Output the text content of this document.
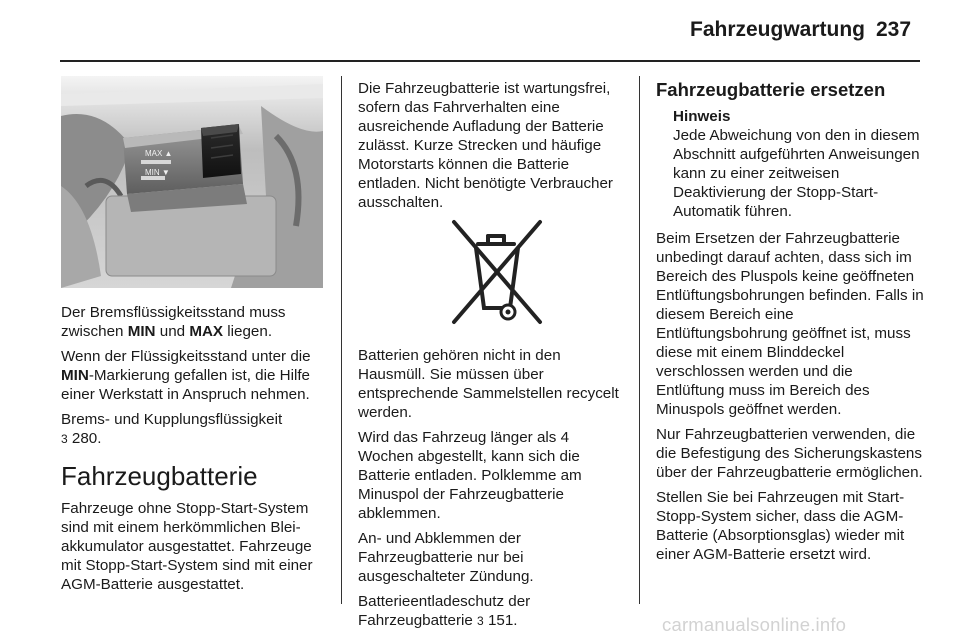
Fahrzeugwartung 237
MAX ▲
MIN ▼

Der Bremsflüssigkeitsstand muss zwischen MIN und MAX liegen.

Wenn der Flüssigkeitsstand unter die MIN-Markierung gefallen ist, die Hilfe einer Werkstatt in Anspruch nehmen.

Brems- und Kupplungsflüssigkeit
3 280.

Fahrzeugbatterie

Fahrzeuge ohne Stopp-Start-System sind mit einem herkömmlichen Blei-akkumulator ausgestattet. Fahrzeuge mit Stopp-Start-System sind mit einer AGM-Batterie ausgestattet.

Die Fahrzeugbatterie ist wartungsfrei, sofern das Fahrverhalten eine ausreichende Aufladung der Batterie zulässt. Kurze Strecken und häufige Motorstarts können die Batterie entladen. Nicht benötigte Verbraucher ausschalten.

Batterien gehören nicht in den Hausmüll. Sie müssen über entsprechende Sammelstellen recycelt werden.

Wird das Fahrzeug länger als 4 Wochen abgestellt, kann sich die Batterie entladen. Polklemme am Minuspol der Fahrzeugbatterie abklemmen.

An- und Abklemmen der Fahrzeugbatterie nur bei ausgeschalteter Zündung.

Batterieentladeschutz der Fahrzeugbatterie 3 151.

Fahrzeugbatterie ersetzen
Hinweis
Jede Abweichung von den in diesem Abschnitt aufgeführten Anweisungen kann zu einer zeitweisen Deaktivierung der Stopp-Start-Automatik führen.

Beim Ersetzen der Fahrzeugbatterie unbedingt darauf achten, dass sich im Bereich des Pluspols keine geöffneten Entlüftungsbohrungen befinden. Falls in diesem Bereich eine Entlüftungsbohrung geöffnet ist, muss diese mit einem Blinddeckel verschlossen werden und die Entlüftung muss im Bereich des Minuspols geöffnet werden.

Nur Fahrzeugbatterien verwenden, die die Befestigung des Sicherungskastens über der Fahrzeugbatterie ermöglichen.

Stellen Sie bei Fahrzeugen mit Start-Stopp-System sicher, dass die AGM-Batterie (Absorptionsglas) wieder mit einer AGM-Batterie ersetzt wird.

carmanualsonline.info
